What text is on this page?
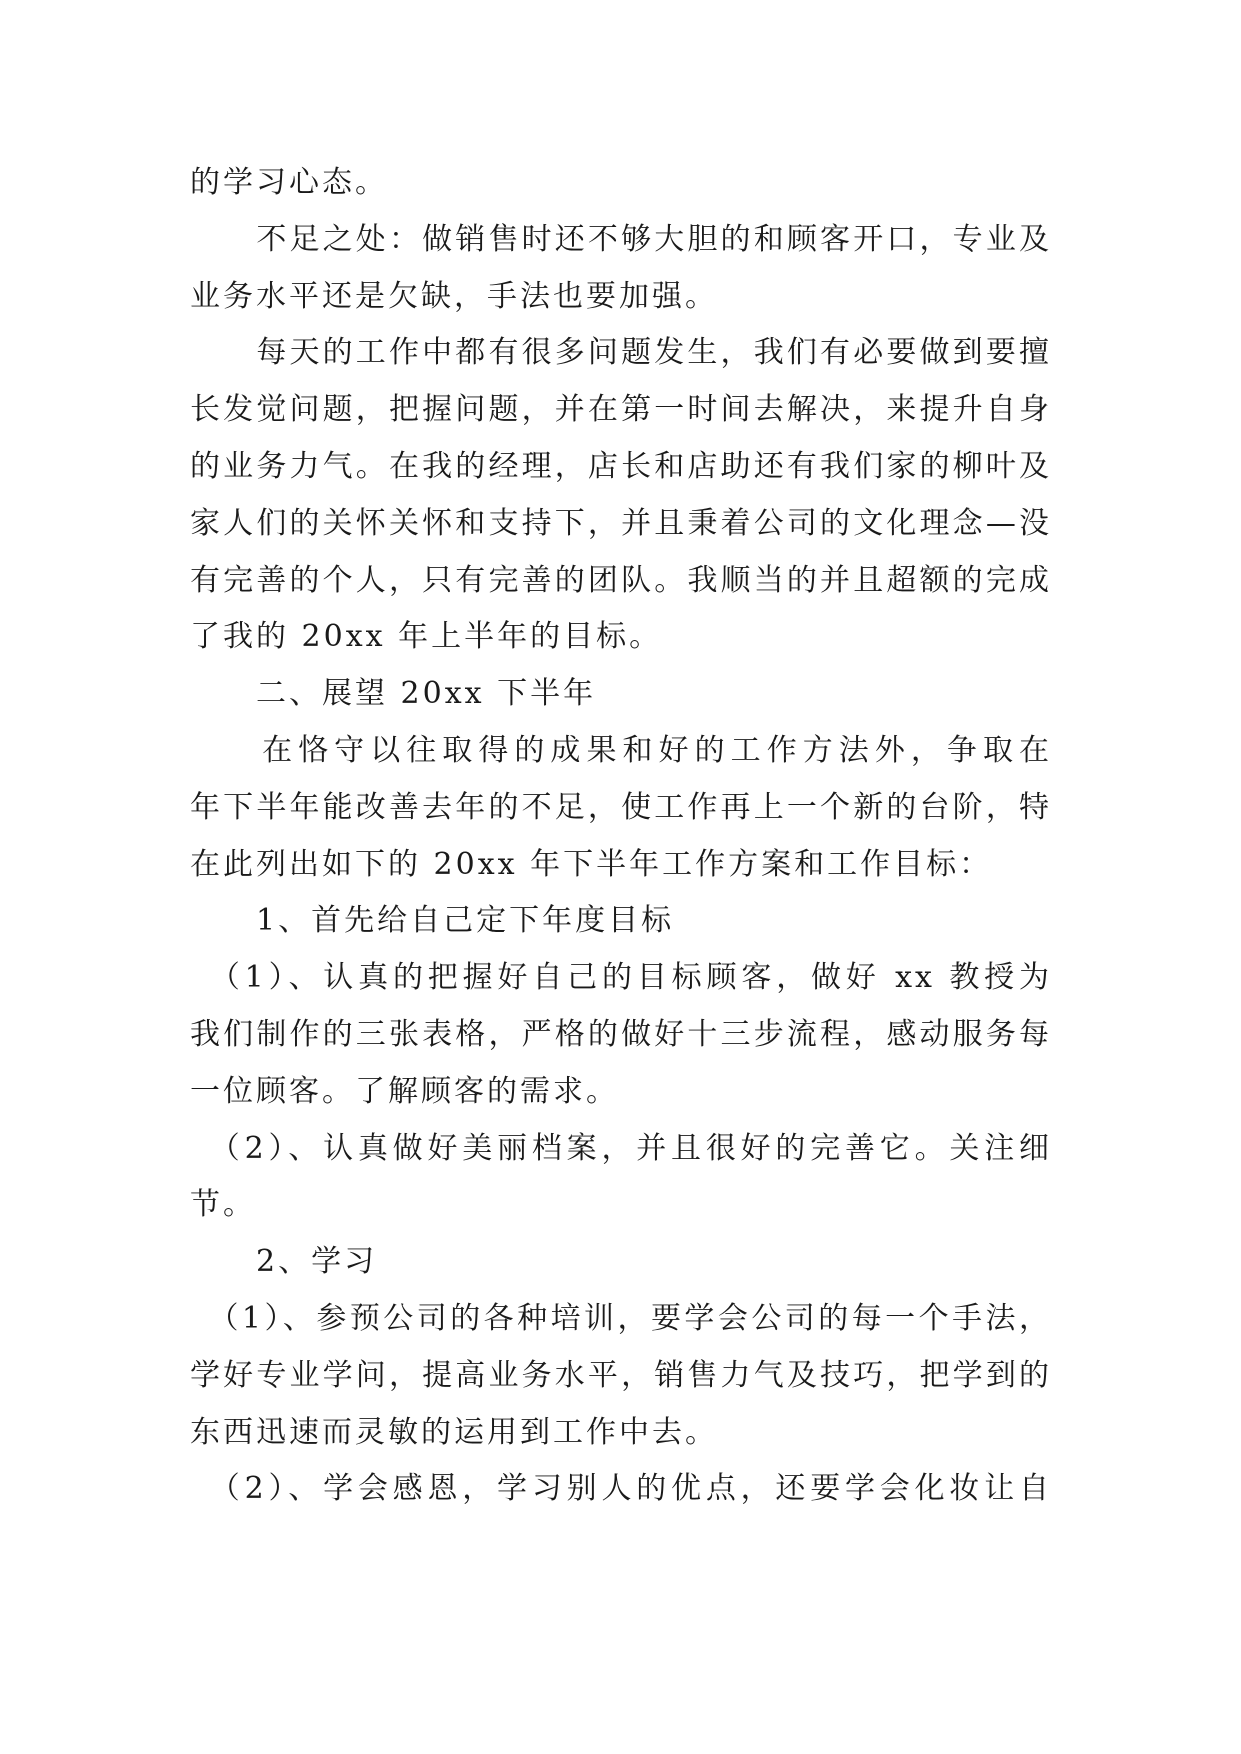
的学习心态。
　　不足之处：做销售时还不够大胆的和顾客开口，专业及
业务水平还是欠缺，手法也要加强。
　　每天的工作中都有很多问题发生，我们有必要做到要擅
长发觉问题，把握问题，并在第一时间去解决，来提升自身
的业务力气。在我的经理，店长和店助还有我们家的柳叶及
家人们的关怀关怀和支持下，并且秉着公司的文化理念—没
有完善的个人，只有完善的团队。我顺当的并且超额的完成
了我的 20xx 年上半年的目标。
　　二、展望 20xx 下半年
　　在恪守以往取得的成果和好的工作方法外，争取在
年下半年能改善去年的不足，使工作再上一个新的台阶，特
在此列出如下的 20xx 年下半年工作方案和工作目标：
　　1、首先给自己定下年度目标
　（1）、认真的把握好自己的目标顾客，做好 xx 教授为
我们制作的三张表格，严格的做好十三步流程，感动服务每
一位顾客。了解顾客的需求。
　（2）、认真做好美丽档案，并且很好的完善它。关注细
节。
　　2、学习
　（1）、参预公司的各种培训，要学会公司的每一个手法，
学好专业学问，提高业务水平，销售力气及技巧，把学到的
东西迅速而灵敏的运用到工作中去。
　（2）、学会感恩，学习别人的优点，还要学会化妆让自
